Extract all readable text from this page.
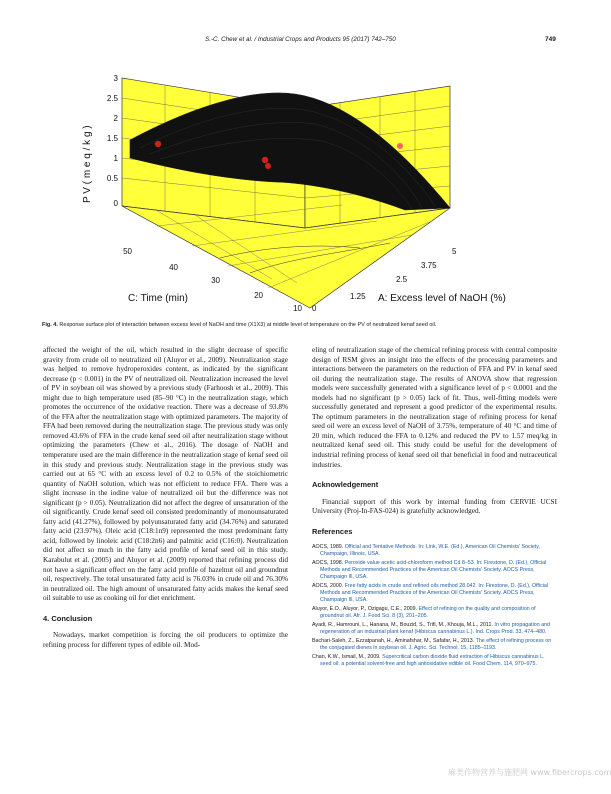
S.-C. Chew et al. / Industrial Crops and Products 95 (2017) 742–750	749
3
2.5
2
1.5
1
0.5
0
P V ( m e q / k g )
50
40
30
20
10
C: Time (min)
0
1.25
2.5
3.75
5
A: Excess level of NaOH (%)
Fig. 4. Response surface plot of interaction between excess level of NaOH and time (X1X3) at middle level of temperature on the PV of neutralized kenaf seed oil.

affected the weight of the oil, which resulted in the slight decrease of specific gravity from crude oil to neutralized oil (Aluyor et al., 2009). Neutralization stage was helped to remove hydroperoxides content, as indicated by the significant decrease (p < 0.001) in the PV of neutralized oil. Neutralization increased the level of PV in soybean oil was showed by a previous study (Farhoosh et al., 2009). This might due to high temperature used (85–90 °C) in the neutralization stage, which promotes the occurrence of the oxidative reaction. There was a decrease of 93.8% of the FFA after the neutralization stage with optimized parameters. The majority of FFA had been removed during the neutralization stage. The previous study was only removed 43.6% of FFA in the crude kenaf seed oil after neutralization stage without optimizing the parameters (Chew et al., 2016). The dosage of NaOH and temperature used are the main difference in the neutralization stage of kenaf seed oil in this study and previous study. Neutralization stage in the previous study was carried out at 65 °C with an excess level of 0.2 to 0.5% of the stoichiometric quantity of NaOH solution, which was not efficient to reduce FFA. There was a slight increase in the iodine value of neutralized oil but the difference was not significant (p > 0.05). Neutralization did not affect the degree of unsaturation of the oil significantly. Crude kenaf seed oil consisted predominantly of monounsaturated fatty acid (41.27%), followed by polyunsaturated fatty acid (34.76%) and saturated fatty acid (23.97%). Oleic acid (C18:1n9) represented the most predominant fatty acid, followed by linoleic acid (C18:2n6) and palmitic acid (C16:0). Neutralization did not affect so much in the fatty acid profile of kenaf seed oil in this study. Karabulut et al. (2005) and Aluyor et al. (2009) reported that refining process did not have a significant effect on the fatty acid profile of hazelnut oil and groundnut oil, respectively. The total unsaturated fatty acid is 76.03% in crude oil and 76.30% in neutralized oil. The high amount of unsaturated fatty acids makes the kenaf seed oil suitable to use as cooking oil for diet enrichment.

4. Conclusion

Nowadays, market competition is forcing the oil producers to optimize the refining process for different types of edible oil. Mod-

eling of neutralization stage of the chemical refining process with central composite design of RSM gives an insight into the effects of the processing parameters and interactions between the parameters on the reduction of FFA and PV in kenaf seed oil during the neutralization stage. The results of ANOVA show that regression models were successfully generated with a significance level of p < 0.0001 and the models had no significant (p > 0.05) lack of fit. Thus, well-fitting models were successfully generated and represent a good predictor of the experimental results. The optimum parameters in the neutralization stage of refining process for kenaf seed oil were an excess level of NaOH of 3.75%, temperature of 40 °C and time of 20 min, which reduced the FFA to 0.12% and reduced the PV to 1.57 meq/kg in neutralized kenaf seed oil. This study could be useful for the development of industrial refining process of kenaf seed oil that beneficial in food and nutraceutical industries.

Acknowledgement

Financial support of this work by internal funding from CERVIE UCSI University (Proj-In-FAS-024) is gratefully acknowledged.

References
AOCS, 1989. Official and Tentative Methods. In: Link, W.E. (Ed.), American Oil Chemists' Society, Champaign, Illinois, USA.
AOCS, 1998. Peroxide value acetic acid-chloroform method Cd 8–53. In: Firestone, D. (Ed.), Official Methods and Recommended Practices of the American Oil Chemists' Society. AOCS Press, Champaign Ill, USA.
AOCS, 2000. Free fatty acids in crude and refined oils method 28.042. In: Firestone, D. (Ed.), Official Methods and Recommended Practices of the American Oil Chemists' Society. AOCS Press, Champaign Ill, USA.
Aluyor, E.O., Aluyor, P., Ozigagu, C.E., 2009. Effect of refining on the quality and composition of groundnut oil. Afr. J. Food Sci. 8 (3), 201–205.
Ayadi, R., Hamrouni, L., Hanana, M., Bouzid, S., Trifi, M., Khouja, M.L., 2011. In vitro propagation and regeneration of an industrial plant kenaf (Hibiscus cannabinus L.). Ind. Crops Prod. 33, 474–480.
Bachari-Saleh, Z., Ezzatpanah, H., Aminafshar, M., Safafar, H., 2013. The effect of refining process on the conjugated dienes in soybean oil. J. Agric. Sci. Technol. 15, 1185–1193.
Chan, K.W., Ismail, M., 2009. Supercritical carbon dioxide fluid extraction of Hibiscus cannabinus L. seed oil: a potential solvent-free and high antioxidative edible oil. Food Chem. 114, 970–975.
麻类作物营养与施肥网 www.fibercrops.com
